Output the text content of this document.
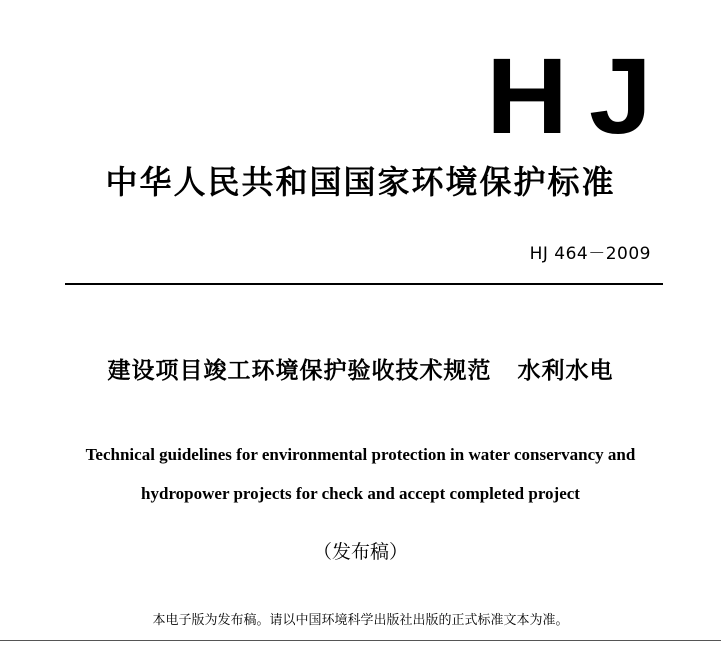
HJ
中华人民共和国国家环境保护标准
HJ 464－2009
建设项目竣工环境保护验收技术规范 水利水电
Technical guidelines for environmental protection in water conservancy and
hydropower projects for check and accept completed project
（发布稿）
本电子版为发布稿。请以中国环境科学出版社出版的正式标准文本为准。
